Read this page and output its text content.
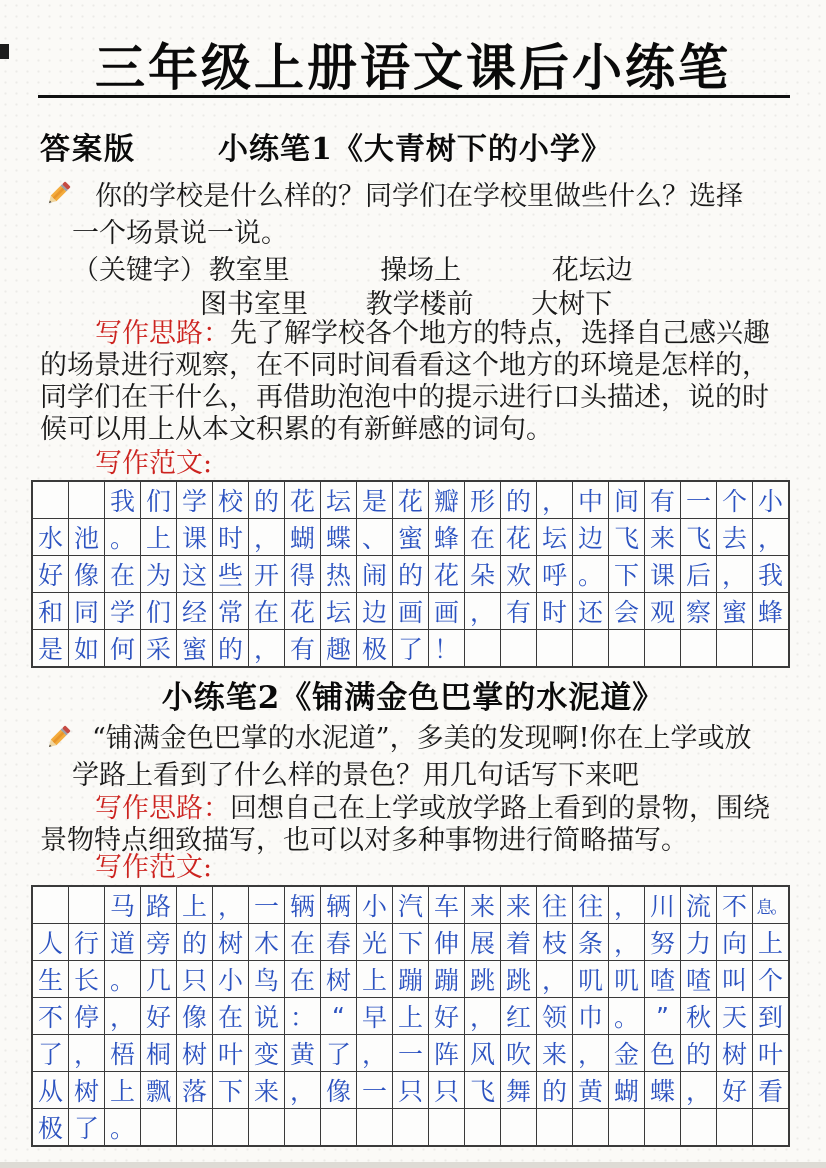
三年级上册语文课后小练笔
答案版	小练笔1《大青树下的小学》
你的学校是什么样的？同学们在学校里做些什么？选择
一个场景说一说。
（关键字） 教室里	操场上	花坛边
图书室里 教学楼前 大树下
写作思路：先了解学校各个地方的特点，选择自己感兴趣
的场景进行观察，在不同时间看看这个地方的环境是怎样的，
同学们在干什么，再借助泡泡中的提示进行口头描述，说的时
候可以用上从本文积累的有新鲜感的词句。
写作范文:
我 们 学 校 的 花 坛 是 花 瓣 形 的 ， 中 间 有 一 个 小
水 池 。 上 课 时 ， 蝴 蝶 、 蜜 蜂 在 花 坛 边 飞 来 飞 去 ，
好 像 在 为 这 些 开 得 热 闹 的 花 朵 欢 呼 。 下 课 后 ， 我
和 同 学 们 经 常 在 花 坛 边 画 画 ， 有 时 还 会 观 察 蜜 蜂
是 如 何 采 蜜 的 ， 有 趣 极 了 ！
小练笔2《铺满金色巴掌的水泥道》
“铺满金色巴掌的水泥道”，多美的发现啊!你在上学或放
学路上看到了什么样的景色？用几句话写下来吧
写作思路：回想自己在上学或放学路上看到的景物，围绕
景物特点细致描写，也可以对多种事物进行简略描写。
写作范文:
马 路 上 ， 一 辆 辆 小 汽 车 来 来 往 往 ， 川 流 不 息。
人 行 道 旁 的 树 木 在 春 光 下 伸 展 着 枝 条 ， 努 力 向 上
生 长 。 几 只 小 鸟 在 树 上 蹦 蹦 跳 跳 ， 叽 叽 喳 喳 叫 个
不 停 ， 好 像 在 说 ： “ 早 上 好 ， 红 领 巾 。 ” 秋 天 到
了 ， 梧 桐 树 叶 变 黄 了 ， 一 阵 风 吹 来 ， 金 色 的 树 叶
从 树 上 飘 落 下 来 ， 像 一 只 只 飞 舞 的 黄 蝴 蝶 ， 好 看
极 了 。
